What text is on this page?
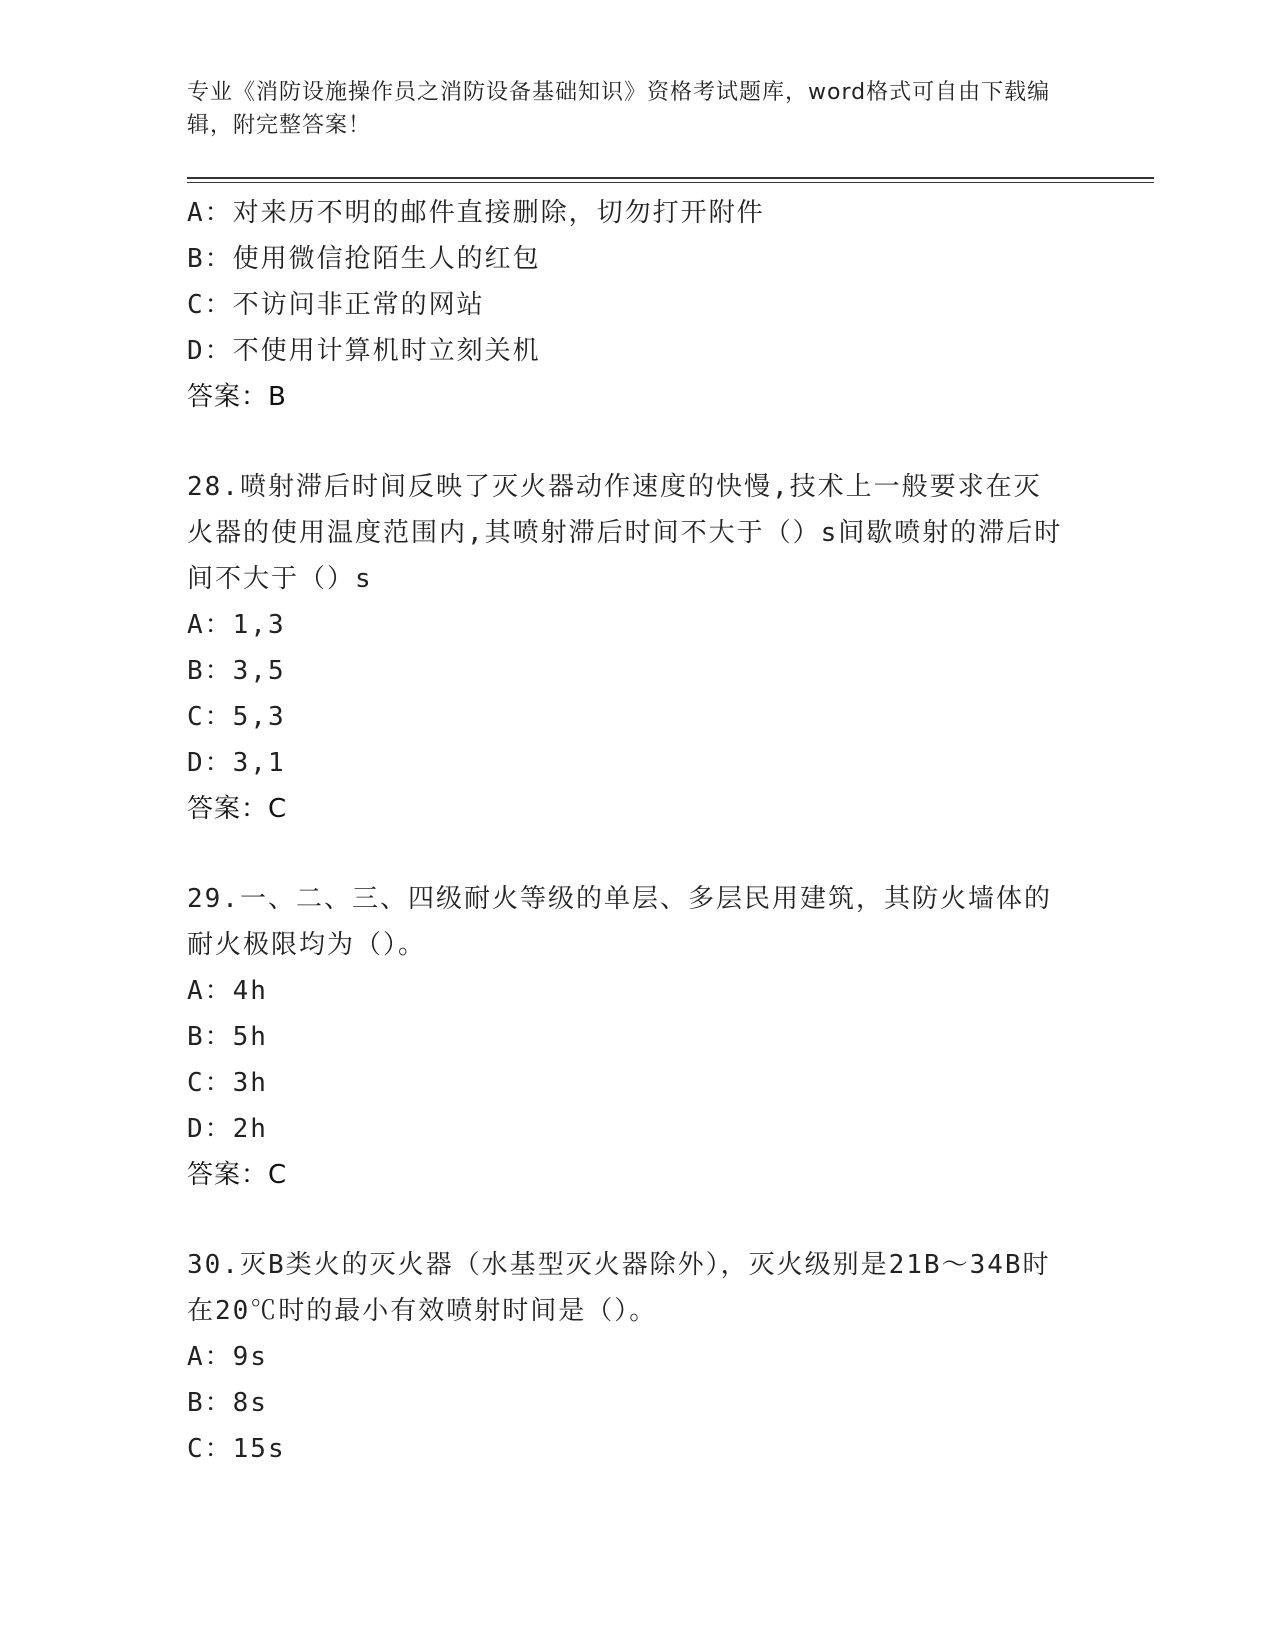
专业《消防设施操作员之消防设备基础知识》资格考试题库，word格式可自由下载编辑，附完整答案！
A：对来历不明的邮件直接删除，切勿打开附件
B：使用微信抢陌生人的红包
C：不访问非正常的网站
D：不使用计算机时立刻关机
答案：B
28.喷射滞后时间反映了灭火器动作速度的快慢,技术上一般要求在灭火器的使用温度范围内,其喷射滞后时间不大于（）s间歇喷射的滞后时间不大于（）s
A：1,3
B：3,5
C：5,3
D：3,1
答案：C
29.一、二、三、四级耐火等级的单层、多层民用建筑，其防火墙体的耐火极限均为（）。
A：4h
B：5h
C：3h
D：2h
答案：C
30.灭B类火的灭火器（水基型灭火器除外），灭火级别是21B～34B时在20℃时的最小有效喷射时间是（）。
A：9s
B：8s
C：15s
